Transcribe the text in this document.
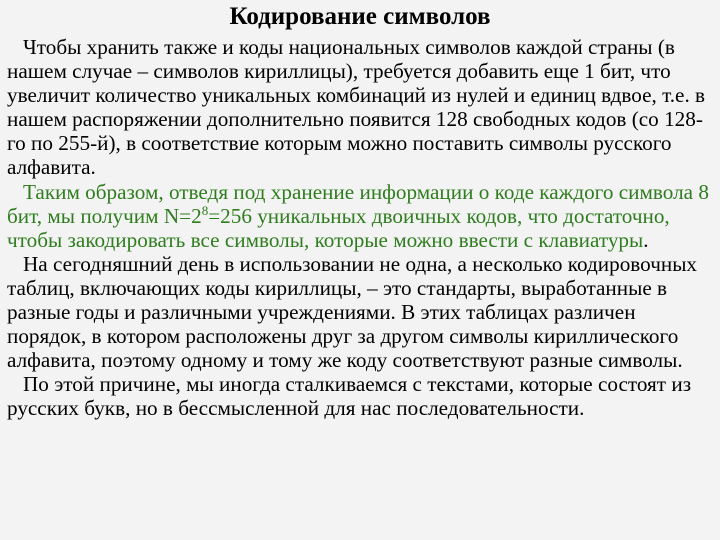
Кодирование символов

Чтобы хранить также и коды национальных символов каждой страны (в нашем случае – символов кириллицы), требуется добавить еще 1 бит, что увеличит количество уникальных комбинаций из нулей и единиц вдвое, т.е. в нашем распоряжении дополнительно появится 128 свободных кодов (со 128-го по 255-й), в соответствие которым можно поставить символы русского алфавита.

Таким образом, отведя под хранение информации о коде каждого символа 8 бит, мы получим $N=2^8=256$ уникальных двоичных кодов, что достаточно, чтобы закодировать все символы, которые можно ввести с клавиатуры.

На сегодняшний день в использовании не одна, а несколько кодировочных таблиц, включающих коды кириллицы, – это стандарты, выработанные в разные годы и различными учреждениями. В этих таблицах различен порядок, в котором расположены друг за другом символы кириллического алфавита, поэтому одному и тому же коду соответствуют разные символы.

По этой причине, мы иногда сталкиваемся с текстами, которые состоят из русских букв, но в бессмысленной для нас последовательности.
